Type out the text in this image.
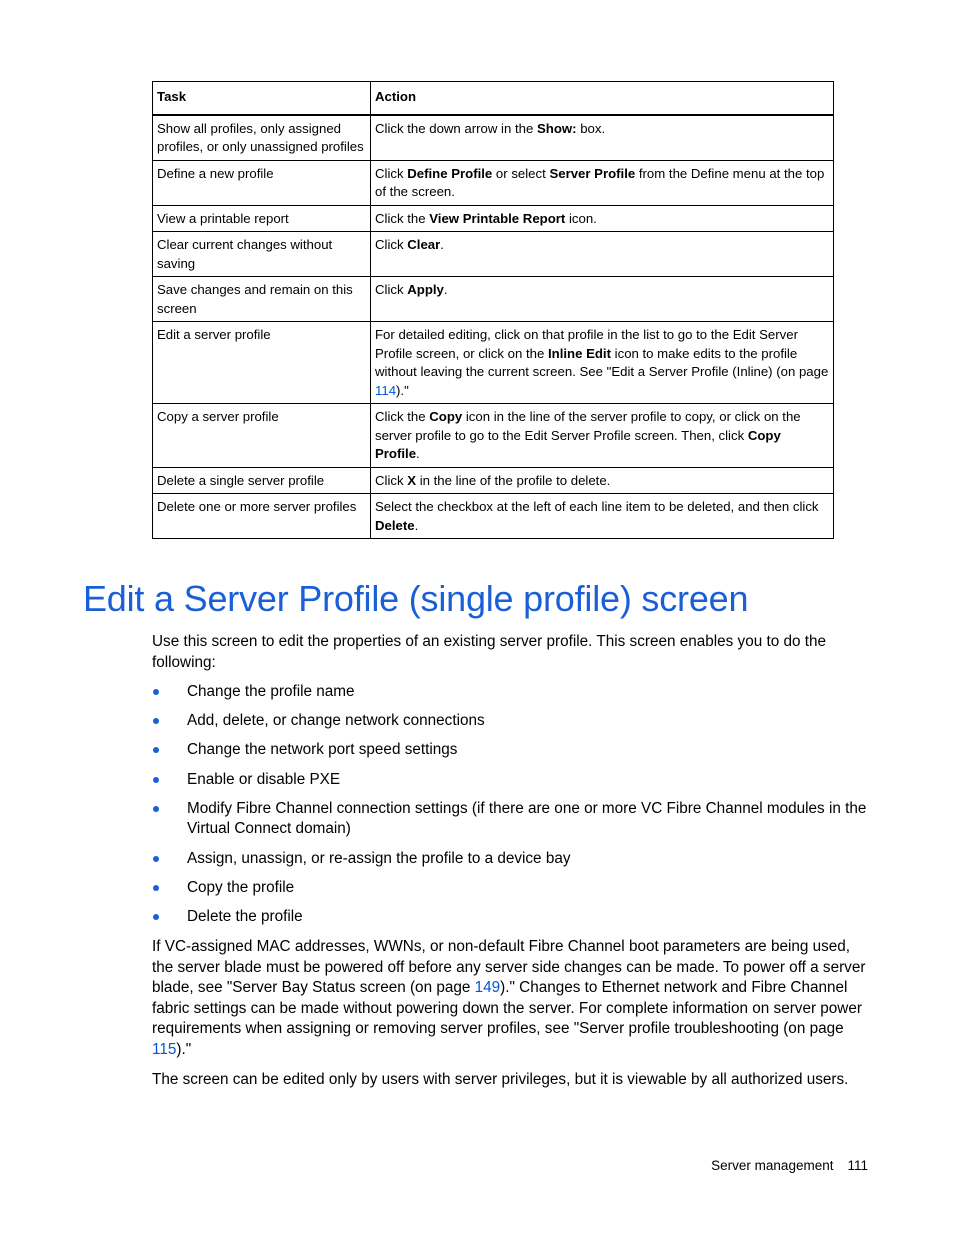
Task	Action
Show all profiles, only assigned profiles, or only unassigned profiles	Click the down arrow in the Show: box.
Define a new profile	Click Define Profile or select Server Profile from the Define menu at the top of the screen.
View a printable report	Click the View Printable Report icon.
Clear current changes without saving	Click Clear.
Save changes and remain on this screen	Click Apply.
Edit a server profile	For detailed editing, click on that profile in the list to go to the Edit Server Profile screen, or click on the Inline Edit icon to make edits to the profile without leaving the current screen. See "Edit a Server Profile (Inline) (on page 114)."
Copy a server profile	Click the Copy icon in the line of the server profile to copy, or click on the server profile to go to the Edit Server Profile screen. Then, click Copy Profile.
Delete a single server profile	Click X in the line of the profile to delete.
Delete one or more server profiles	Select the checkbox at the left of each line item to be deleted, and then click Delete.
Edit a Server Profile (single profile) screen

Use this screen to edit the properties of an existing server profile. This screen enables you to do the following:

Change the profile name
Add, delete, or change network connections
Change the network port speed settings
Enable or disable PXE
Modify Fibre Channel connection settings (if there are one or more VC Fibre Channel modules in the Virtual Connect domain)
Assign, unassign, or re-assign the profile to a device bay
Copy the profile
Delete the profile

If VC-assigned MAC addresses, WWNs, or non-default Fibre Channel boot parameters are being used, the server blade must be powered off before any server side changes can be made. To power off a server blade, see "Server Bay Status screen (on page 149)." Changes to Ethernet network and Fibre Channel fabric settings can be made without powering down the server. For complete information on server power requirements when assigning or removing server profiles, see "Server profile troubleshooting (on page 115)."

The screen can be edited only by users with server privileges, but it is viewable by all authorized users.

Server management 111
